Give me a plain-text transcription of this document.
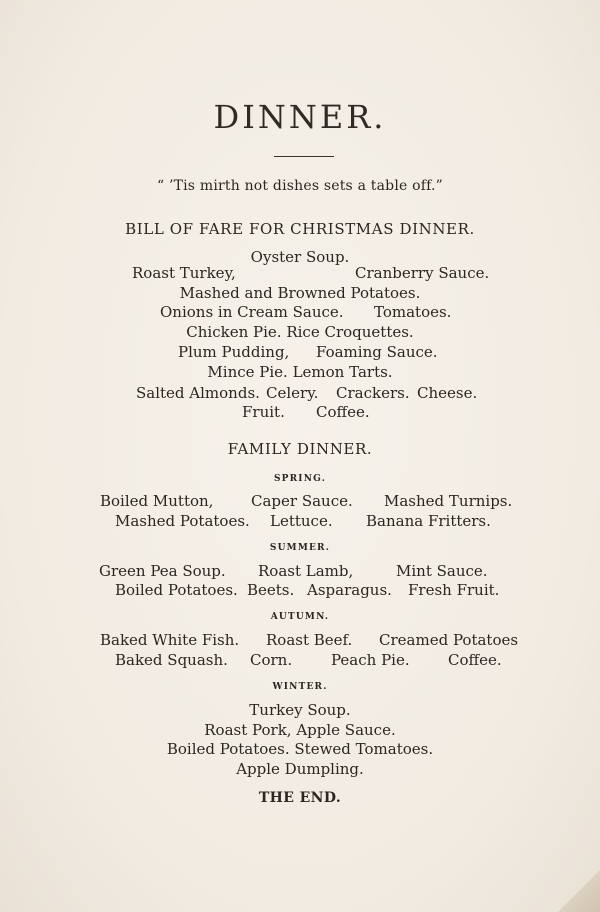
DINNER.
“ ’Tis mirth not dishes sets a table off.”
BILL OF FARE FOR CHRISTMAS DINNER.
Oyster Soup.
Roast Turkey,	Cranberry Sauce.
Mashed and Browned Potatoes.
Onions in Cream Sauce. Tomatoes.
Chicken Pie. Rice Croquettes.
Plum Pudding, Foaming Sauce.
Mince Pie. Lemon Tarts.
Salted Almonds. Celery. Crackers. Cheese.
Fruit. Coffee.
FAMILY DINNER.
SPRING.
Boiled Mutton,	Caper Sauce. Mashed Turnips.
Mashed Potatoes. Lettuce. Banana Fritters.
SUMMER.
Green Pea Soup. Roast Lamb,	Mint Sauce.
Boiled Potatoes. Beets. Asparagus. Fresh Fruit.
AUTUMN.
Baked White Fish. Roast Beef. Creamed Potatoes
Baked Squash. Corn.	Peach Pie.	Coffee.
WINTER.
Turkey Soup.
Roast Pork, Apple Sauce.
Boiled Potatoes. Stewed Tomatoes.
Apple Dumpling.
THE END.
